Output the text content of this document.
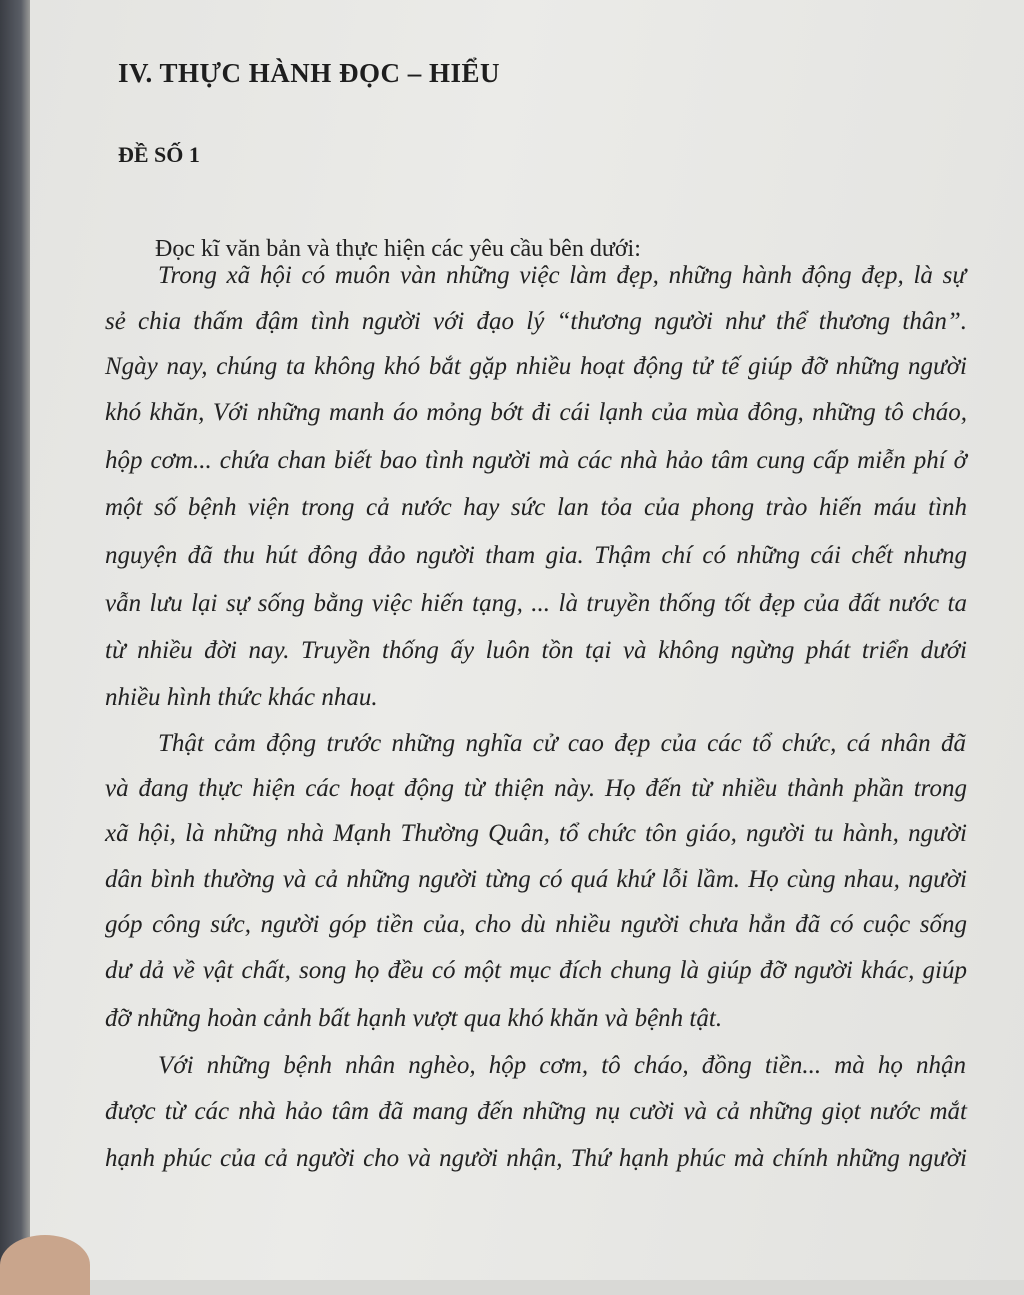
IV. THỰC HÀNH ĐỌC – HIỂU
ĐỀ SỐ 1
Đọc kĩ văn bản và thực hiện các yêu cầu bên dưới:
Trong xã hội có muôn vàn những việc làm đẹp, những hành động đẹp, là sự
sẻ chia thấm đậm tình người với đạo lý “thương người như thể thương thân”.
Ngày nay, chúng ta không khó bắt gặp nhiều hoạt động tử tế giúp đỡ những người
khó khăn, Với những manh áo mỏng bớt đi cái lạnh của mùa đông, những tô cháo,
hộp cơm... chứa chan biết bao tình người mà các nhà hảo tâm cung cấp miễn phí ở
một số bệnh viện trong cả nước hay sức lan tỏa của phong trào hiến máu tình
nguyện đã thu hút đông đảo người tham gia. Thậm chí có những cái chết nhưng
vẫn lưu lại sự sống bằng việc hiến tạng, ... là truyền thống tốt đẹp của đất nước ta
từ nhiều đời nay. Truyền thống ấy luôn tồn tại và không ngừng phát triển dưới
nhiều hình thức khác nhau.
Thật cảm động trước những nghĩa cử cao đẹp của các tổ chức, cá nhân đã
và đang thực hiện các hoạt động từ thiện này. Họ đến từ nhiều thành phần trong
xã hội, là những nhà Mạnh Thường Quân, tổ chức tôn giáo, người tu hành, người
dân bình thường và cả những người từng có quá khứ lỗi lầm. Họ cùng nhau, người
góp công sức, người góp tiền của, cho dù nhiều người chưa hẳn đã có cuộc sống
dư dả về vật chất, song họ đều có một mục đích chung là giúp đỡ người khác, giúp
đỡ những hoàn cảnh bất hạnh vượt qua khó khăn và bệnh tật.
Với những bệnh nhân nghèo, hộp cơm, tô cháo, đồng tiền... mà họ nhận
được từ các nhà hảo tâm đã mang đến những nụ cười và cả những giọt nước mắt
hạnh phúc của cả người cho và người nhận, Thứ hạnh phúc mà chính những người
